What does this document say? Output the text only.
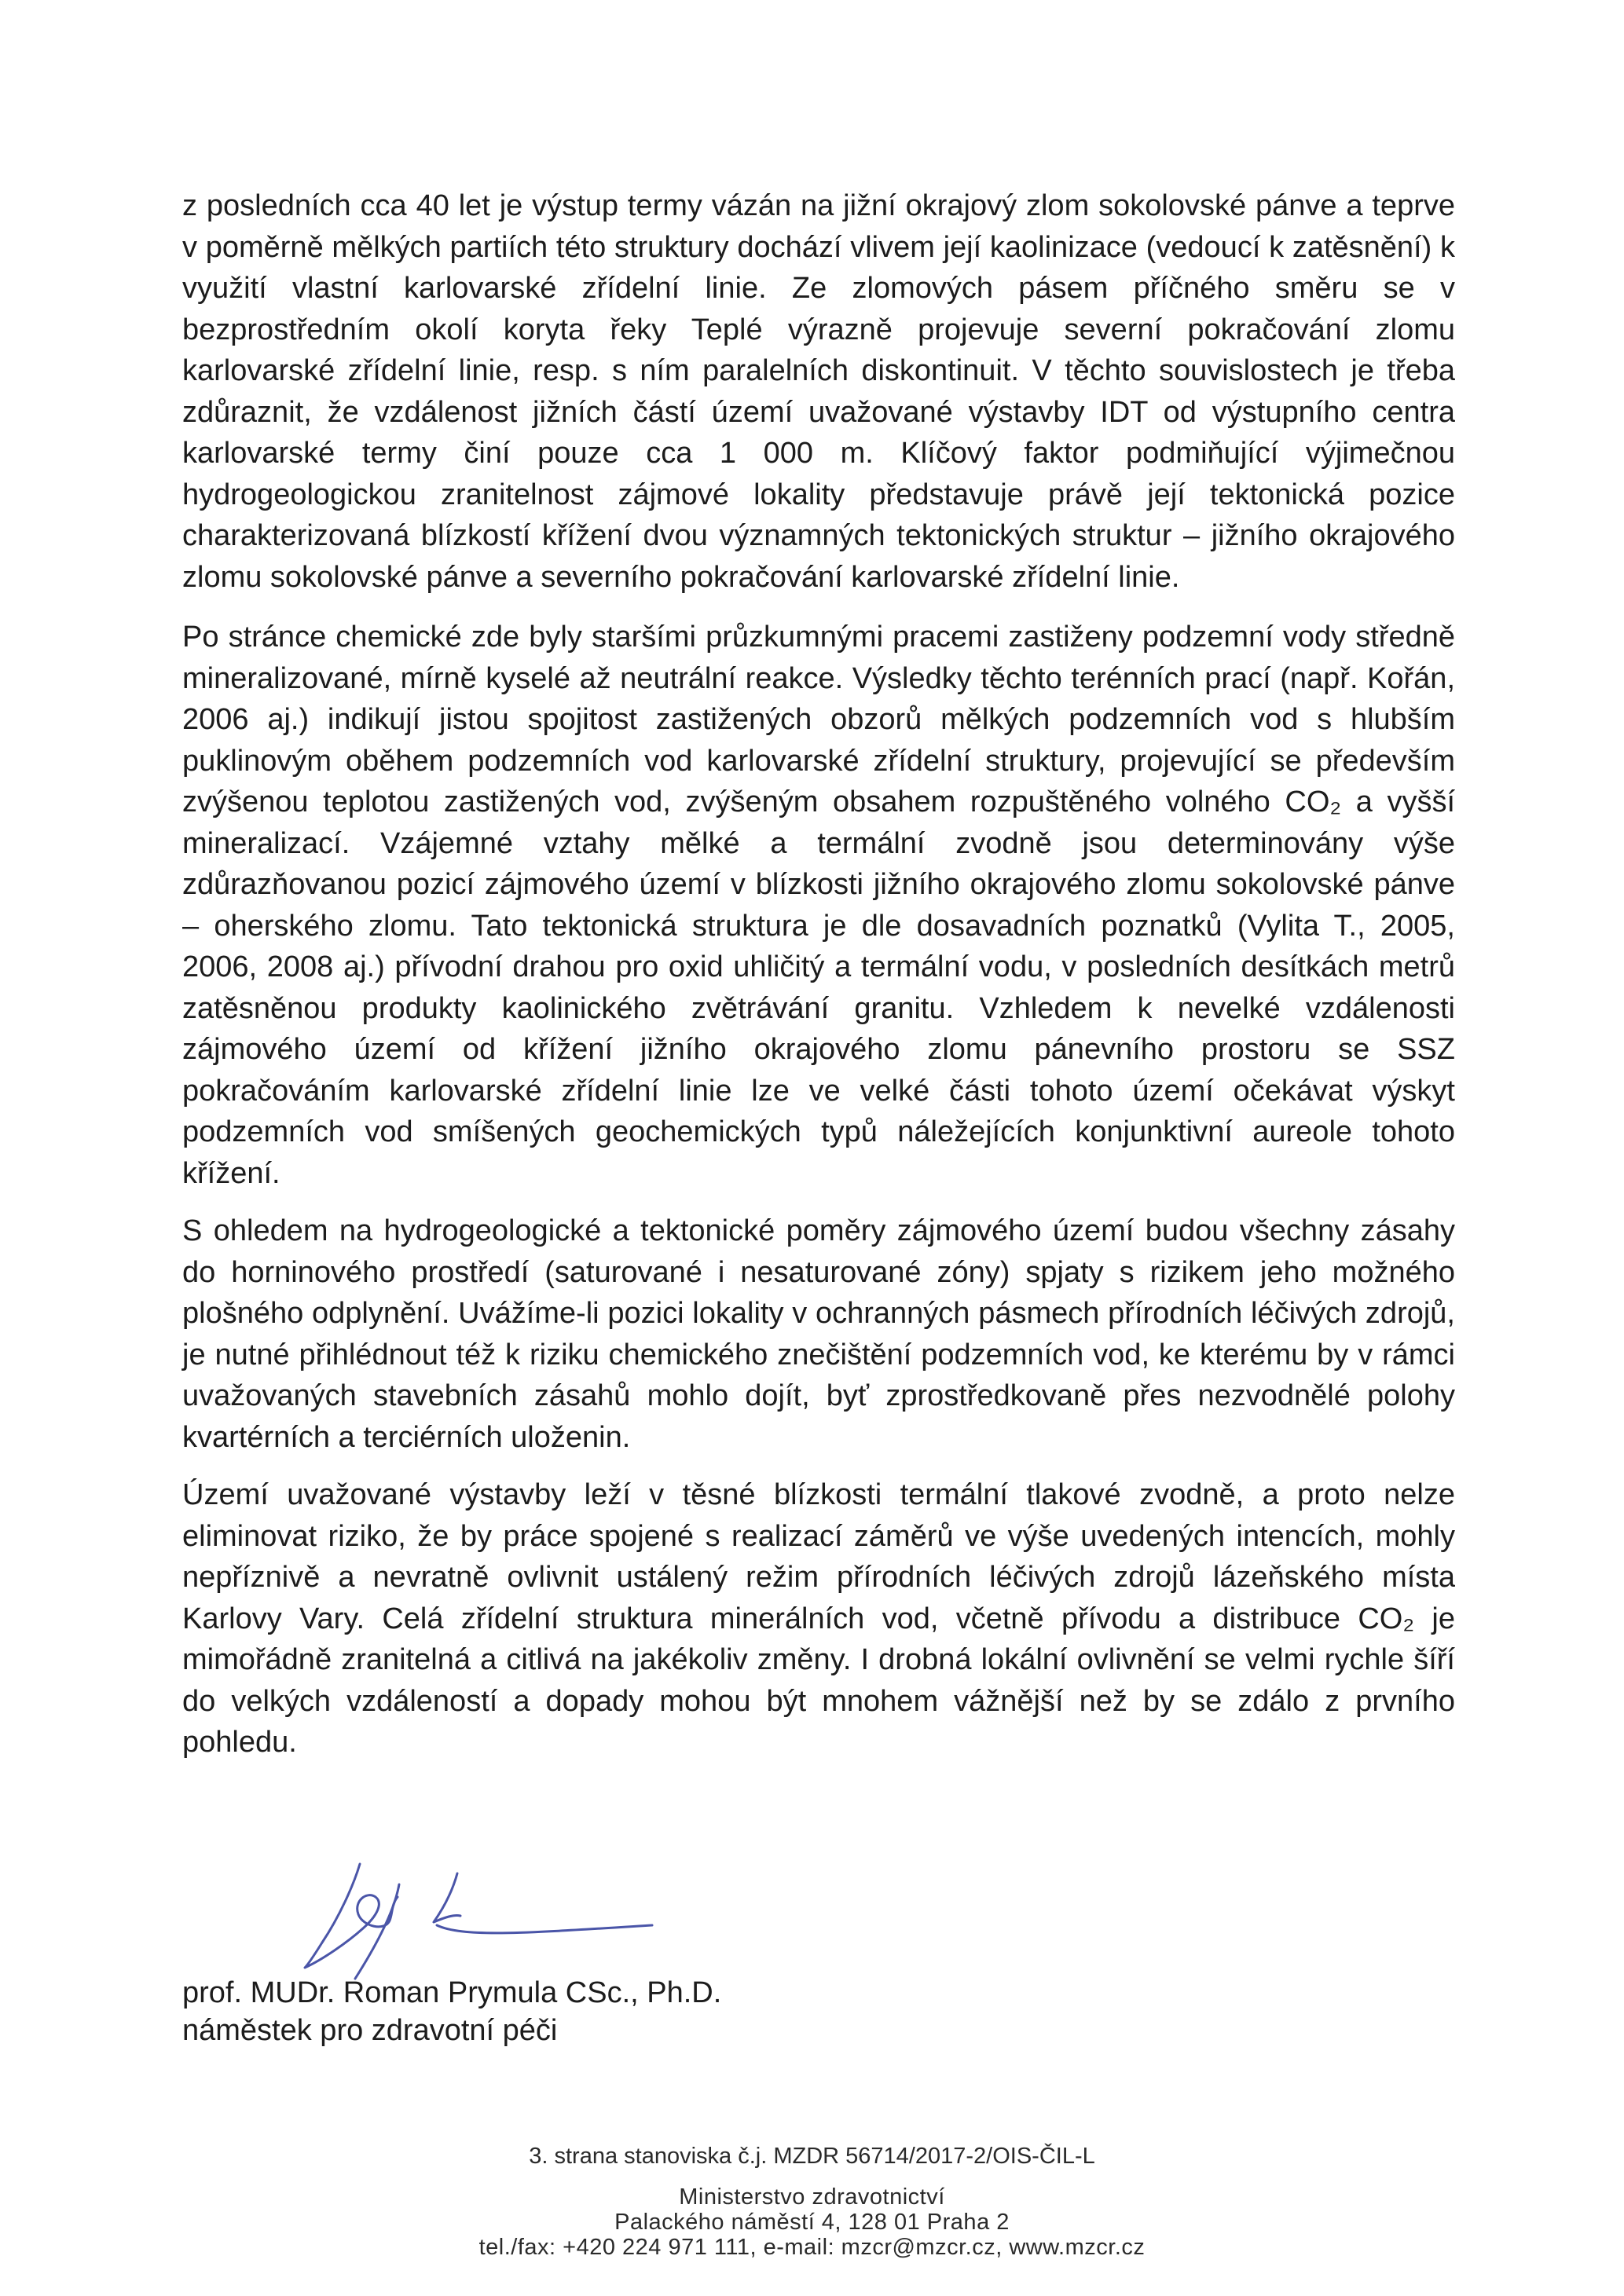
z posledních cca 40 let je výstup termy vázán na jižní okrajový zlom sokolovské pánve a teprve v poměrně mělkých partiích této struktury dochází vlivem její kaolinizace (vedoucí k zatěsnění) k využití vlastní karlovarské zřídelní linie. Ze zlomových pásem příčného směru se v bezprostředním okolí koryta řeky Teplé výrazně projevuje severní pokračování zlomu karlovarské zřídelní linie, resp. s ním paralelních diskontinuit. V těchto souvislostech je třeba zdůraznit, že vzdálenost jižních částí území uvažované výstavby IDT od výstupního centra karlovarské termy činí pouze cca 1 000 m. Klíčový faktor podmiňující výjimečnou hydrogeologickou zranitelnost zájmové lokality představuje právě její tektonická pozice charakterizovaná blízkostí křížení dvou významných tektonických struktur – jižního okrajového zlomu sokolovské pánve a severního pokračování karlovarské zřídelní linie.

Po stránce chemické zde byly staršími průzkumnými pracemi zastiženy podzemní vody středně mineralizované, mírně kyselé až neutrální reakce. Výsledky těchto terénních prací (např. Kořán, 2006 aj.) indikují jistou spojitost zastižených obzorů mělkých podzemních vod s hlubším puklinovým oběhem podzemních vod karlovarské zřídelní struktury, projevující se především zvýšenou teplotou zastižených vod, zvýšeným obsahem rozpuštěného volného CO₂ a vyšší mineralizací. Vzájemné vztahy mělké a termální zvodně jsou determinovány výše zdůrazňovanou pozicí zájmového území v blízkosti jižního okrajového zlomu sokolovské pánve – oherského zlomu. Tato tektonická struktura je dle dosavadních poznatků (Vylita T., 2005, 2006, 2008 aj.) přívodní drahou pro oxid uhličitý a termální vodu, v posledních desítkách metrů zatěsněnou produkty kaolinického zvětrávání granitu. Vzhledem k nevelké vzdálenosti zájmového území od křížení jižního okrajového zlomu pánevního prostoru se SSZ pokračováním karlovarské zřídelní linie lze ve velké části tohoto území očekávat výskyt podzemních vod smíšených geochemických typů náležejících konjunktivní aureole tohoto křížení.

S ohledem na hydrogeologické a tektonické poměry zájmového území budou všechny zásahy do horninového prostředí (saturované i nesaturované zóny) spjaty s rizikem jeho možného plošného odplynění. Uvážíme-li pozici lokality v ochranných pásmech přírodních léčivých zdrojů, je nutné přihlédnout též k riziku chemického znečištění podzemních vod, ke kterému by v rámci uvažovaných stavebních zásahů mohlo dojít, byť zprostředkovaně přes nezvodnělé polohy kvartérních a terciérních uloženin.

Území uvažované výstavby leží v těsné blízkosti termální tlakové zvodně, a proto nelze eliminovat riziko, že by práce spojené s realizací záměrů ve výše uvedených intencích, mohly nepříznivě a nevratně ovlivnit ustálený režim přírodních léčivých zdrojů lázeňského místa Karlovy Vary. Celá zřídelní struktura minerálních vod, včetně přívodu a distribuce CO₂ je mimořádně zranitelná a citlivá na jakékoliv změny. I drobná lokální ovlivnění se velmi rychle šíří do velkých vzdáleností a dopady mohou být mnohem vážnější než by se zdálo z prvního pohledu.

prof. MUDr. Roman Prymula CSc., Ph.D.
náměstek pro zdravotní péči
3. strana stanoviska č.j. MZDR 56714/2017-2/OIS-ČIL-L
Ministerstvo zdravotnictví
Palackého náměstí 4, 128 01 Praha 2
tel./fax: +420 224 971 111, e-mail: mzcr@mzcr.cz, www.mzcr.cz
